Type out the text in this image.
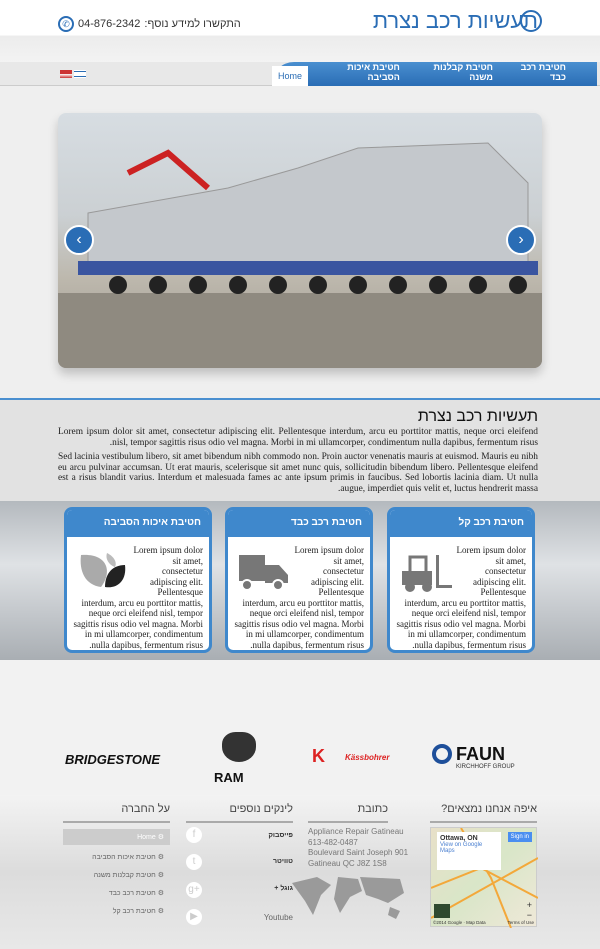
תעשיות רכב נצרת
התקשרו למידע נוסף:
04-876-2342
✆
חטיבת רכב כבד
חטיבת קבלנות משנה
חטיבת איכות הסביבה
Home
‹	›
תעשיות רכב נצרת

Lorem ipsum dolor sit amet, consectetur adipiscing elit. Pellentesque interdum, arcu eu porttitor mattis, neque orci eleifend nisl, tempor sagittis risus odio vel magna. Morbi in mi ullamcorper, condimentum nulla dapibus, fermentum risus.

Sed lacinia vestibulum libero, sit amet bibendum nibh commodo non. Proin auctor venenatis mauris at euismod. Mauris eu nibh eu arcu pulvinar accumsan. Ut erat mauris, scelerisque sit amet nunc quis, sollicitudin bibendum libero. Pellentesque eleifend est a risus blandit varius. Interdum et malesuada fames ac ante ipsum primis in faucibus. Sed lobortis lacinia diam. Ut nulla augue, imperdiet quis velit et, luctus hendrerit massa.

חטיבת רכב קל
Lorem ipsum dolor sit amet, consectetur adipiscing elit. Pellentesque interdum, arcu eu porttitor mattis, neque orci eleifend nisl, tempor sagittis risus odio vel magna. Morbi in mi ullamcorper, condimentum nulla dapibus, fermentum risus.
חטיבת רכב כבד
Lorem ipsum dolor sit amet, consectetur adipiscing elit. Pellentesque interdum, arcu eu porttitor mattis, neque orci eleifend nisl, tempor sagittis risus odio vel magna. Morbi in mi ullamcorper, condimentum nulla dapibus, fermentum risus.
חטיבת איכות הסביבה
Lorem ipsum dolor sit amet, consectetur adipiscing elit. Pellentesque interdum, arcu eu porttitor mattis, neque orci eleifend nisl, tempor sagittis risus odio vel magna. Morbi in mi ullamcorper, condimentum nulla dapibus, fermentum risus.
BRIDGESTONE
RAM
K	Kässbohrer	FAUN
KIRCHHOFF GROUP
איפה אנחנו נמצאים?
כתובת
לינקים נוספים
על החברה
Appliance Repair Gatineau
613-482-0487
Boulevard Saint Joseph 901
Gatineau QC J8Z 1S8
f	פייסבוק
t	טוויטר
g+	גוגל +
▶	Youtube
⚙ Home
⚙ חטיבת איכות הסביבה
⚙ חטיבת קבלנות משנה
⚙ חטיבת רכב כבד
⚙ חטיבת רכב קל
Ottawa, ON
View on Google Maps
Sign in
+
−
©2014 Google · Map Data	Terms of Use
